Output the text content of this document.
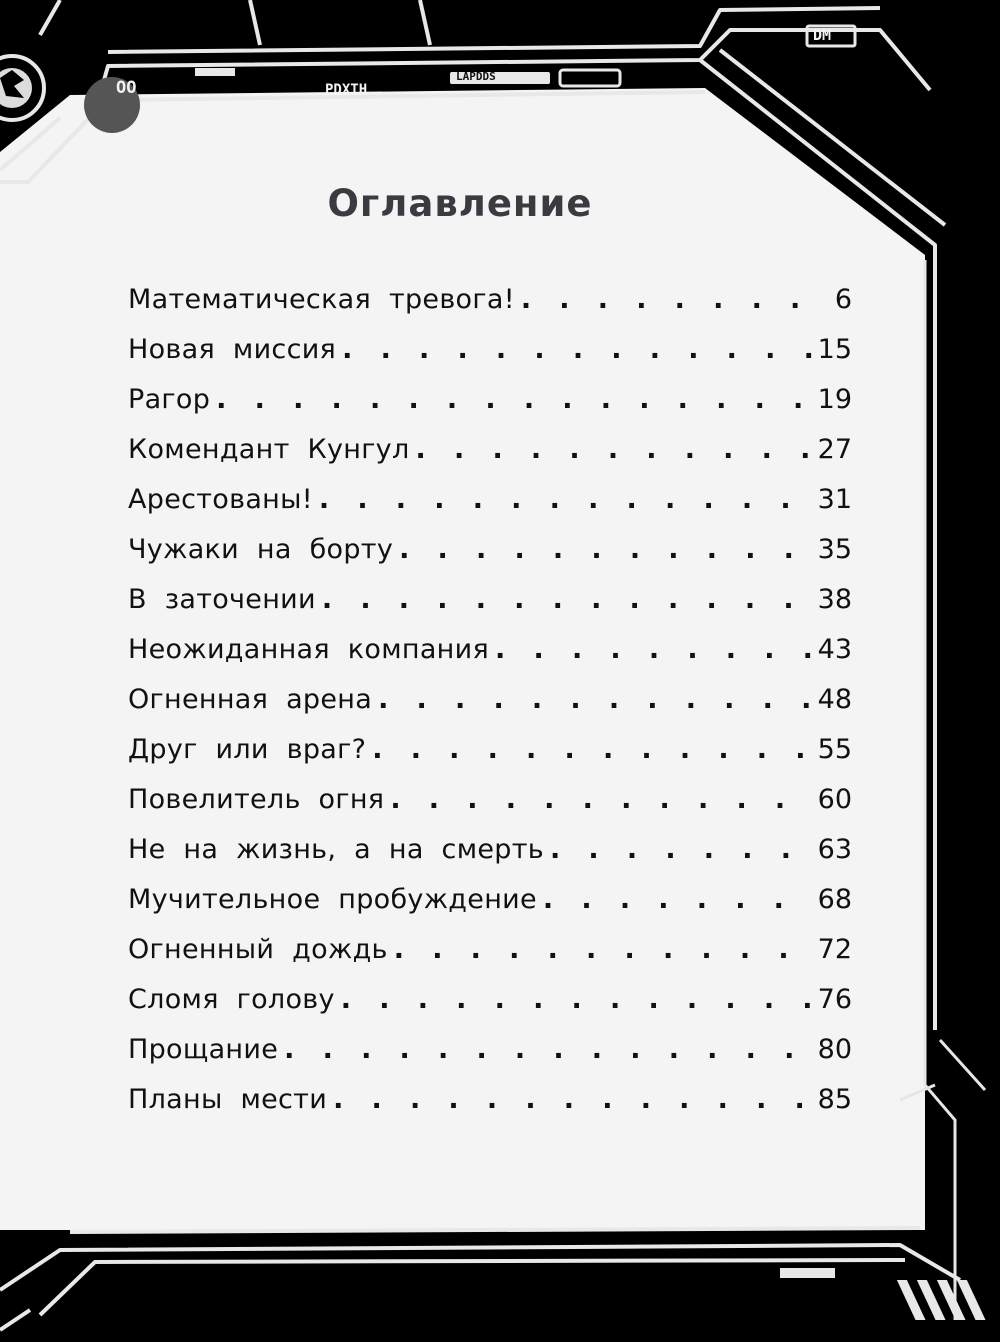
OO	PDXTH
LAPDDS
DM
Оглавление
Математическая тревога! .   .	6
Новая миссия .   .	15
Рагор .   .	19
Комендант Кунгул .   .	27
Арестованы! .   .	31
Чужаки на борту .   .	35
В заточении .   .	38
Неожиданная компания .   .	43
Огненная арена .   .	48
Друг или враг? .   .	55
Повелитель огня .   .	60
Не на жизнь, а на смерть .   .	63
Мучительное пробуждение .   .	68
Огненный дождь .   .	72
Сломя голову .   .	76
Прощание .   .	80
Планы мести .   .	85
